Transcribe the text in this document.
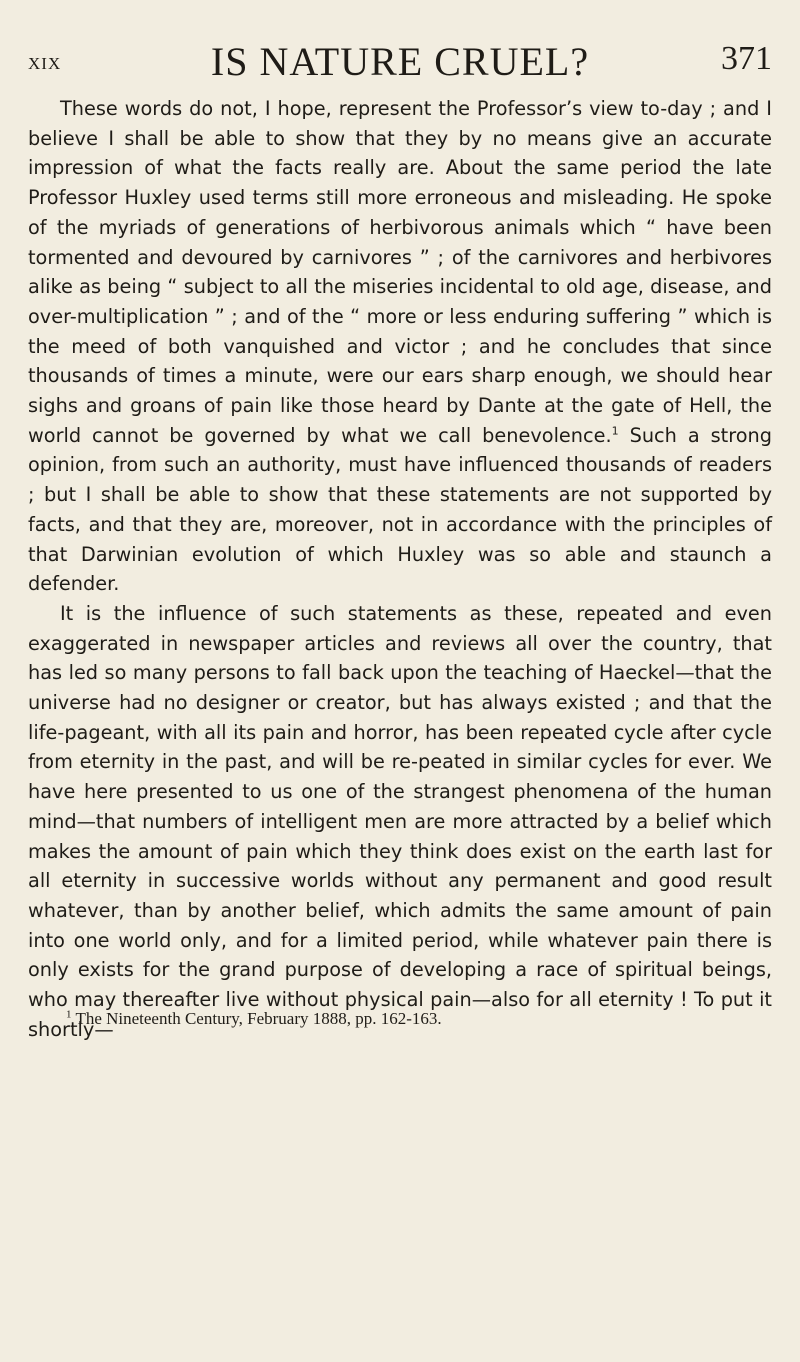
XIX	IS NATURE CRUEL?	371

These words do not, I hope, represent the Professor’s view to-day ; and I believe I shall be able to show that they by no means give an accurate impression of what the facts really are. About the same period the late Professor Huxley used terms still more erroneous and misleading. He spoke of the myriads of generations of herbivorous animals which “ have been tormented and devoured by carnivores ” ; of the carnivores and herbivores alike as being “ subject to all the miseries incidental to old age, disease, and over-multiplication ” ; and of the “ more or less enduring suffering ” which is the meed of both vanquished and victor ; and he concludes that since thousands of times a minute, were our ears sharp enough, we should hear sighs and groans of pain like those heard by Dante at the gate of Hell, the world cannot be governed by what we call benevolence.$^1$ Such a strong opinion, from such an authority, must have influenced thousands of readers ; but I shall be able to show that these statements are not supported by facts, and that they are, moreover, not in accordance with the principles of that Darwinian evolution of which Huxley was so able and staunch a defender.

It is the influence of such statements as these, repeated and even exaggerated in newspaper articles and reviews all over the country, that has led so many persons to fall back upon the teaching of Haeckel—that the universe had no designer or creator, but has always existed ; and that the life-pageant, with all its pain and horror, has been repeated cycle after cycle from eternity in the past, and will be re-peated in similar cycles for ever. We have here presented to us one of the strangest phenomena of the human mind—that numbers of intelligent men are more attracted by a belief which makes the amount of pain which they think does exist on the earth last for all eternity in successive worlds without any permanent and good result whatever, than by another belief, which admits the same amount of pain into one world only, and for a limited period, while whatever pain there is only exists for the grand purpose of developing a race of spiritual beings, who may thereafter live without physical pain—also for all eternity ! To put it shortly—

$^1$ The Nineteenth Century, February 1888, pp. 162-163.
